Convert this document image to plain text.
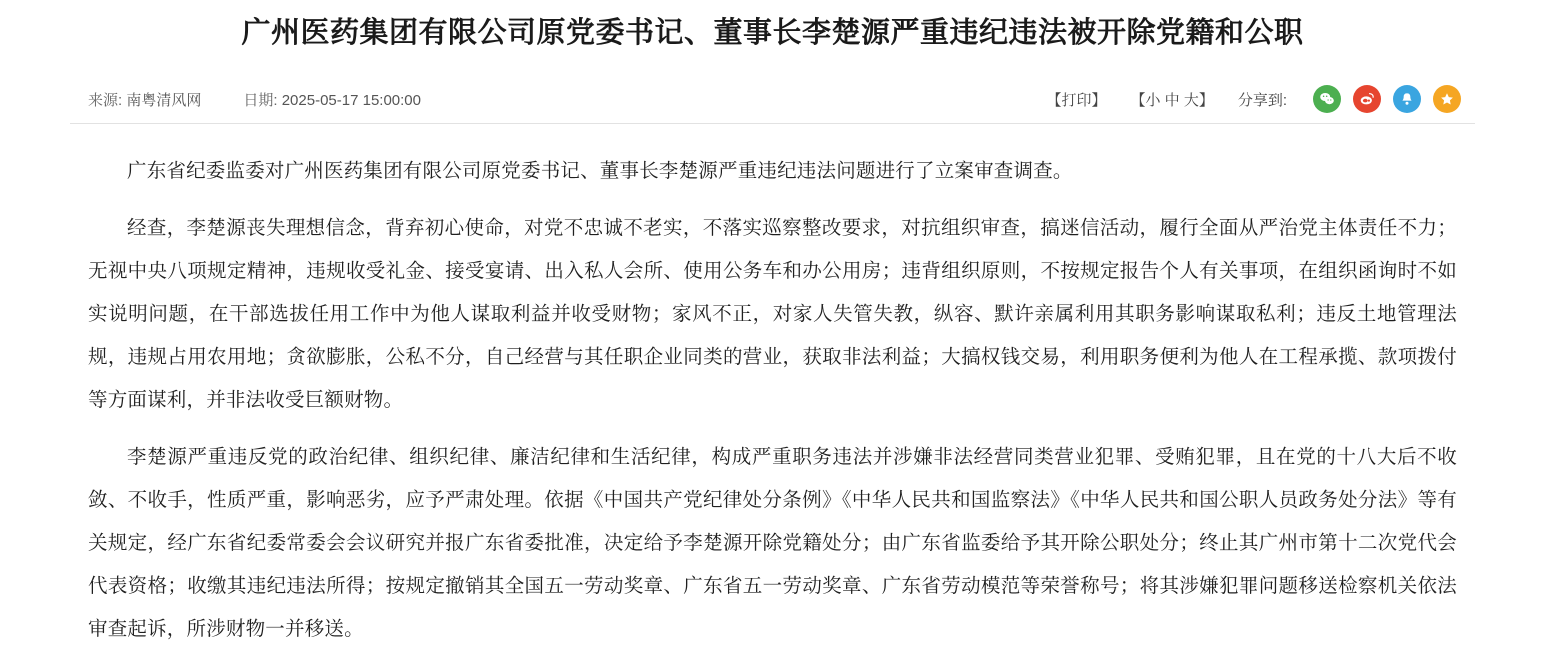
广州医药集团有限公司原党委书记、董事长李楚源严重违纪违法被开除党籍和公职
来源: 南粤清风网	日期: 2025-05-17 15:00:00	【打印】 【小 中 大】 分享到:

广东省纪委监委对广州医药集团有限公司原党委书记、董事长李楚源严重违纪违法问题进行了立案审查调查。

经查，李楚源丧失理想信念，背弃初心使命，对党不忠诚不老实，不落实巡察整改要求，对抗组织审查，搞迷信活动，履行全面从严治党主体责任不力；无视中央八项规定精神，违规收受礼金、接受宴请、出入私人会所、使用公务车和办公用房；违背组织原则，不按规定报告个人有关事项，在组织函询时不如实说明问题，在干部选拔任用工作中为他人谋取利益并收受财物；家风不正，对家人失管失教，纵容、默许亲属利用其职务影响谋取私利；违反土地管理法规，违规占用农用地；贪欲膨胀，公私不分，自己经营与其任职企业同类的营业，获取非法利益；大搞权钱交易，利用职务便利为他人在工程承揽、款项拨付等方面谋利，并非法收受巨额财物。

李楚源严重违反党的政治纪律、组织纪律、廉洁纪律和生活纪律，构成严重职务违法并涉嫌非法经营同类营业犯罪、受贿犯罪，且在党的十八大后不收敛、不收手，性质严重，影响恶劣，应予严肃处理。依据《中国共产党纪律处分条例》《中华人民共和国监察法》《中华人民共和国公职人员政务处分法》等有关规定，经广东省纪委常委会会议研究并报广东省委批准，决定给予李楚源开除党籍处分；由广东省监委给予其开除公职处分；终止其广州市第十二次党代会代表资格；收缴其违纪违法所得；按规定撤销其全国五一劳动奖章、广东省五一劳动奖章、广东省劳动模范等荣誉称号；将其涉嫌犯罪问题移送检察机关依法审查起诉，所涉财物一并移送。
